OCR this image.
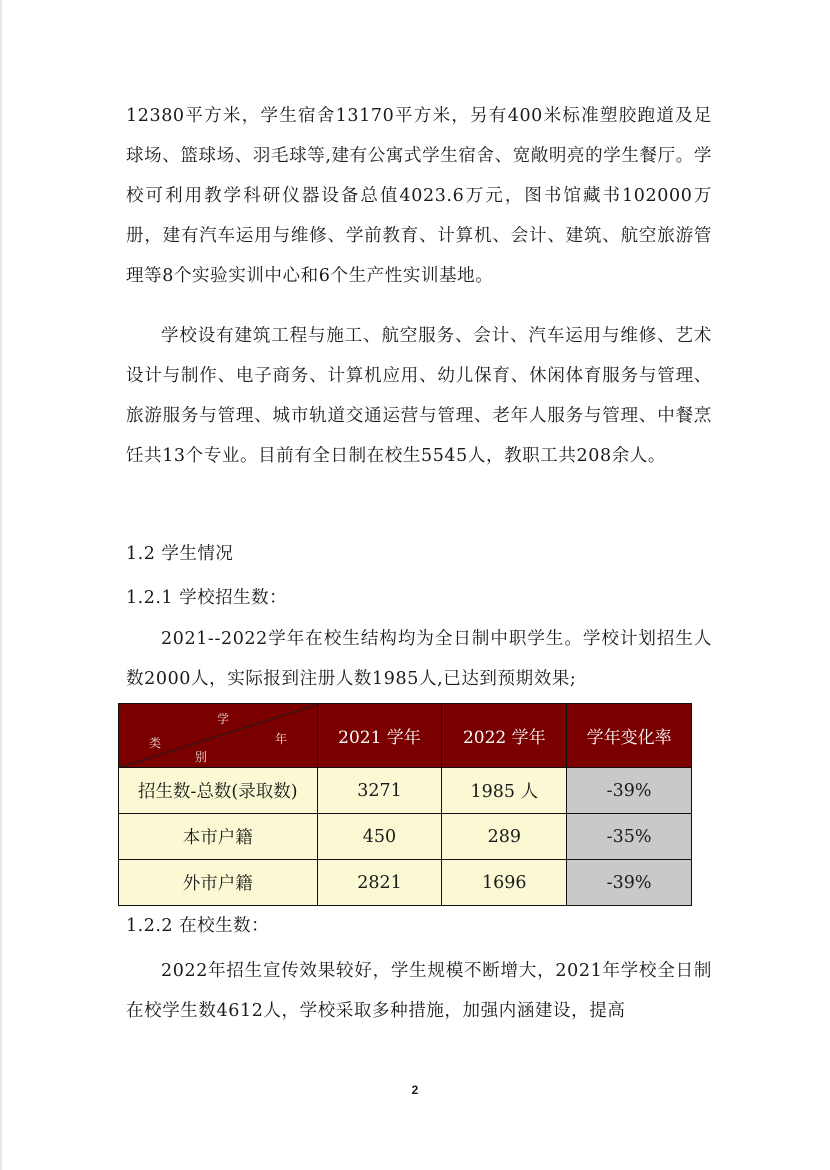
12380平方米，学生宿舍13170平方米，另有400米标准塑胶跑道及足球场、篮球场、羽毛球等,建有公寓式学生宿舍、宽敞明亮的学生餐厅。学校可利用教学科研仪器设备总值4023.6万元，图书馆藏书102000万册，建有汽车运用与维修、学前教育、计算机、会计、建筑、航空旅游管理等8个实验实训中心和6个生产性实训基地。

学校设有建筑工程与施工、航空服务、会计、汽车运用与维修、艺术设计与制作、电子商务、计算机应用、幼儿保育、休闲体育服务与管理、旅游服务与管理、城市轨道交通运营与管理、老年人服务与管理、中餐烹饪共13个专业。目前有全日制在校生5545人，教职工共208余人。

1.2 学生情况

1.2.1 学校招生数：

2021--2022学年在校生结构均为全日制中职学生。学校计划招生人数2000人，实际报到注册人数1985人,已达到预期效果;

学
年
类
别	2021 学年	2022 学年	学年变化率
招生数-总数(录取数)	3271	1985 人	-39%
本市户籍	450	289	-35%
外市户籍	2821	1696	-39%

1.2.2 在校生数：

2022年招生宣传效果较好，学生规模不断增大，2021年学校全日制在校学生数4612人，学校采取多种措施，加强内涵建设，提高

2
